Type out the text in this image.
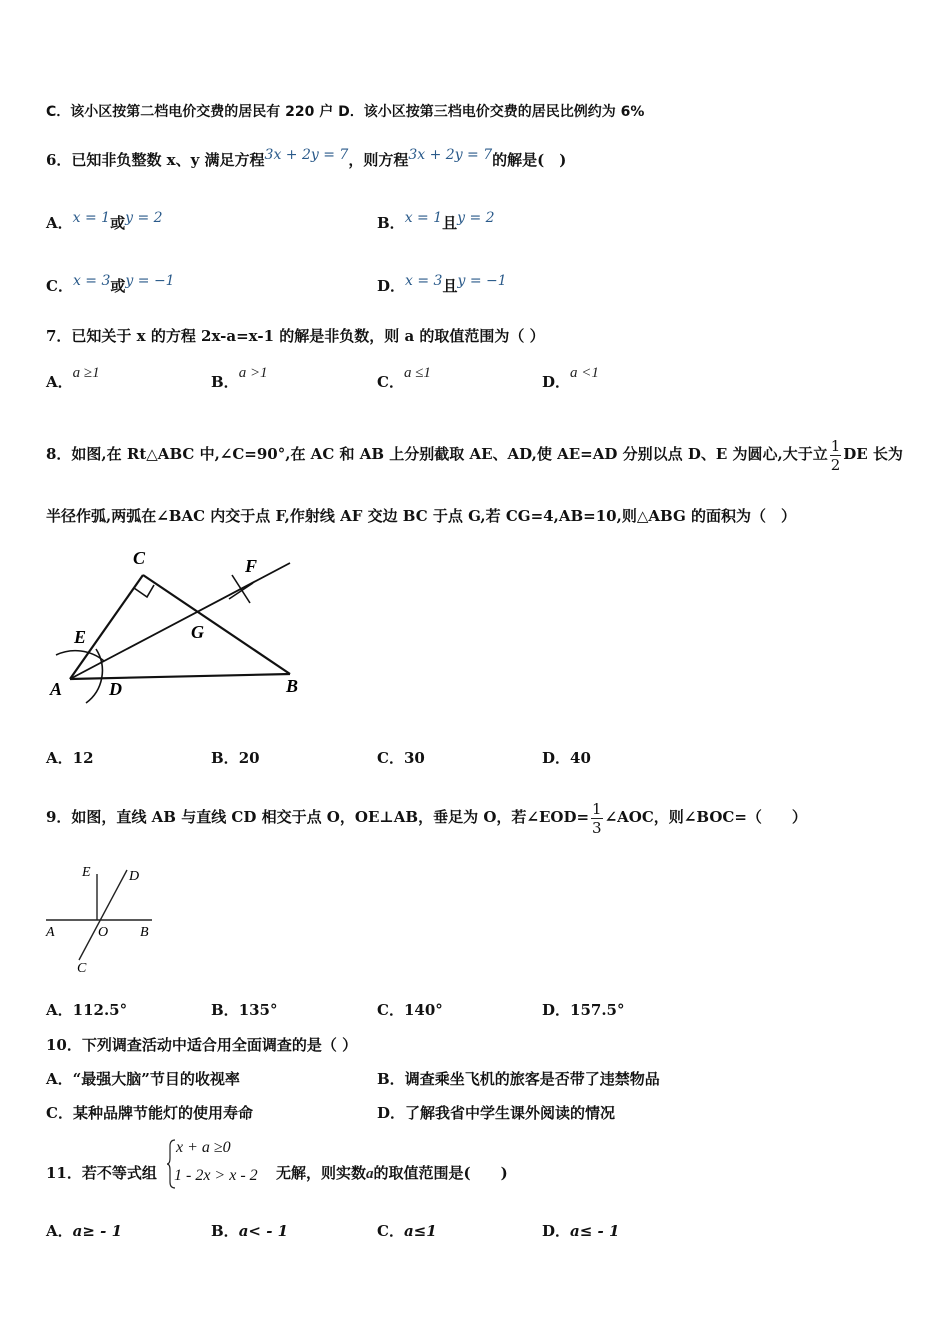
C．该小区按第二档电价交费的居民有 220 户 D．该小区按第三档电价交费的居民比例约为 6%
6．已知非负整数 x、y 满足方程3x + 2y = 7，则方程3x + 2y = 7的解是(　)
A．x = 1或y = 2	B．x = 1且y = 2
C．x = 3或y = −1	D．x = 3且y = −1
7．已知关于 x 的方程 2x-a=x-1 的解是非负数，则 a 的取值范围为（ ）
A．a ≥1	B．a >1	C．a ≤1	D．a <1
8．如图,在 Rt△ABC 中,∠C=90°,在 AC 和 AB 上分别截取 AE、AD,使 AE=AD 分别以点 D、E 为圆心,大于立 $\frac{1}{2}$ DE 长为
半径作弧,两弧在∠BAC 内交于点 F,作射线 AF 交边 BC 于点 G,若 CG=4,AB=10,则△ABG 的面积为（　）
C	F
E	G
A	D	B
A．12	B．20	C．30	D．40
9．如图，直线 AB 与直线 CD 相交于点 O，OE⊥AB，垂足为 O，若∠EOD= $\frac{1}{3}$ ∠AOC，则∠BOC=（　　）
E	D
A	O B
C
A．112.5°	B．135°	C．140°	D．157.5°
10．下列调查活动中适合用全面调查的是（ ）
A．“最强大脑”节目的收视率	B．调查乘坐飞机的旅客是否带了违禁物品
C．某种品牌节能灯的使用寿命	D．了解我省中学生课外阅读的情况
11．若不等式组
x + a ≥0
1 - 2x > x - 2 无解，则实数a的取值范围是(　　)
A．a≥ - 1	B．a< - 1	C．a≤1	D．a≤ - 1
